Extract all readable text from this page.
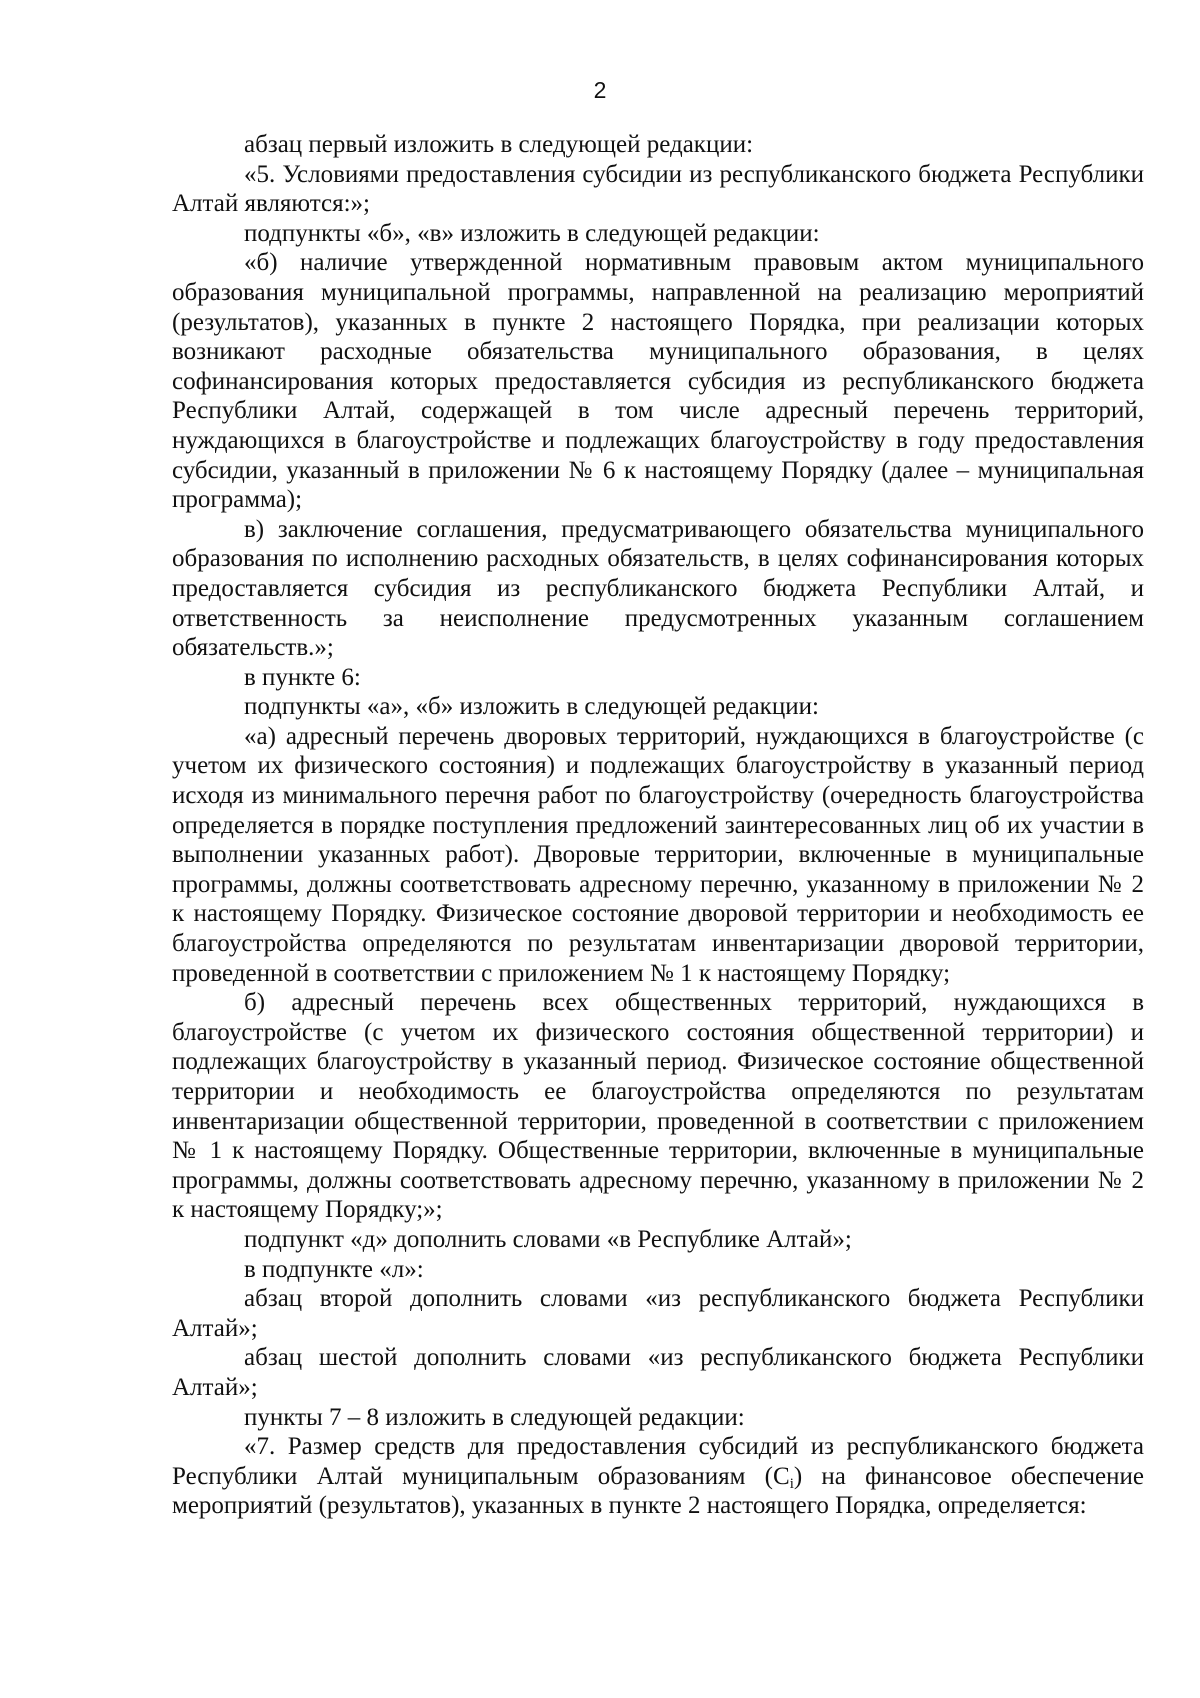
2

абзац первый изложить в следующей редакции:

«5. Условиями предоставления субсидии из республиканского бюджета Республики Алтай являются:»;

подпункты «б», «в» изложить в следующей редакции:

«б) наличие утвержденной нормативным правовым актом муниципального образования муниципальной программы, направленной на реализацию мероприятий (результатов), указанных в пункте 2 настоящего Порядка, при реализации которых возникают расходные обязательства муниципального образования, в целях софинансирования которых предоставляется субсидия из республиканского бюджета Республики Алтай, содержащей в том числе адресный перечень территорий, нуждающихся в благоустройстве и подлежащих благоустройству в году предоставления субсидии, указанный в приложении № 6 к настоящему Порядку (далее – муниципальная программа);

в) заключение соглашения, предусматривающего обязательства муниципального образования по исполнению расходных обязательств, в целях софинансирования которых предоставляется субсидия из республиканского бюджета Республики Алтай, и ответственность за неисполнение предусмотренных указанным соглашением обязательств.»;

в пункте 6:

подпункты «а», «б» изложить в следующей редакции:

«а) адресный перечень дворовых территорий, нуждающихся в благоустройстве (с учетом их физического состояния) и подлежащих благоустройству в указанный период исходя из минимального перечня работ по благоустройству (очередность благоустройства определяется в порядке поступления предложений заинтересованных лиц об их участии в выполнении указанных работ). Дворовые территории, включенные в муниципальные программы, должны соответствовать адресному перечню, указанному в приложении № 2 к настоящему Порядку. Физическое состояние дворовой территории и необходимость ее благоустройства определяются по результатам инвентаризации дворовой территории, проведенной в соответствии с приложением № 1 к настоящему Порядку;

б) адресный перечень всех общественных территорий, нуждающихся в благоустройстве (с учетом их физического состояния общественной территории) и подлежащих благоустройству в указанный период. Физическое состояние общественной территории и необходимость ее благоустройства определяются по результатам инвентаризации общественной территории, проведенной в соответствии с приложением № 1 к настоящему Порядку. Общественные территории, включенные в муниципальные программы, должны соответствовать адресному перечню, указанному в приложении № 2 к настоящему Порядку;»;

подпункт «д» дополнить словами «в Республике Алтай»;

в подпункте «л»:

абзац второй дополнить словами «из республиканского бюджета Республики Алтай»;

абзац шестой дополнить словами «из республиканского бюджета Республики Алтай»;

пункты 7 – 8 изложить в следующей редакции:

«7. Размер средств для предоставления субсидий из республиканского бюджета Республики Алтай муниципальным образованиям $(C_i)$ на финансовое обеспечение мероприятий (результатов), указанных в пункте 2 настоящего Порядка, определяется:
